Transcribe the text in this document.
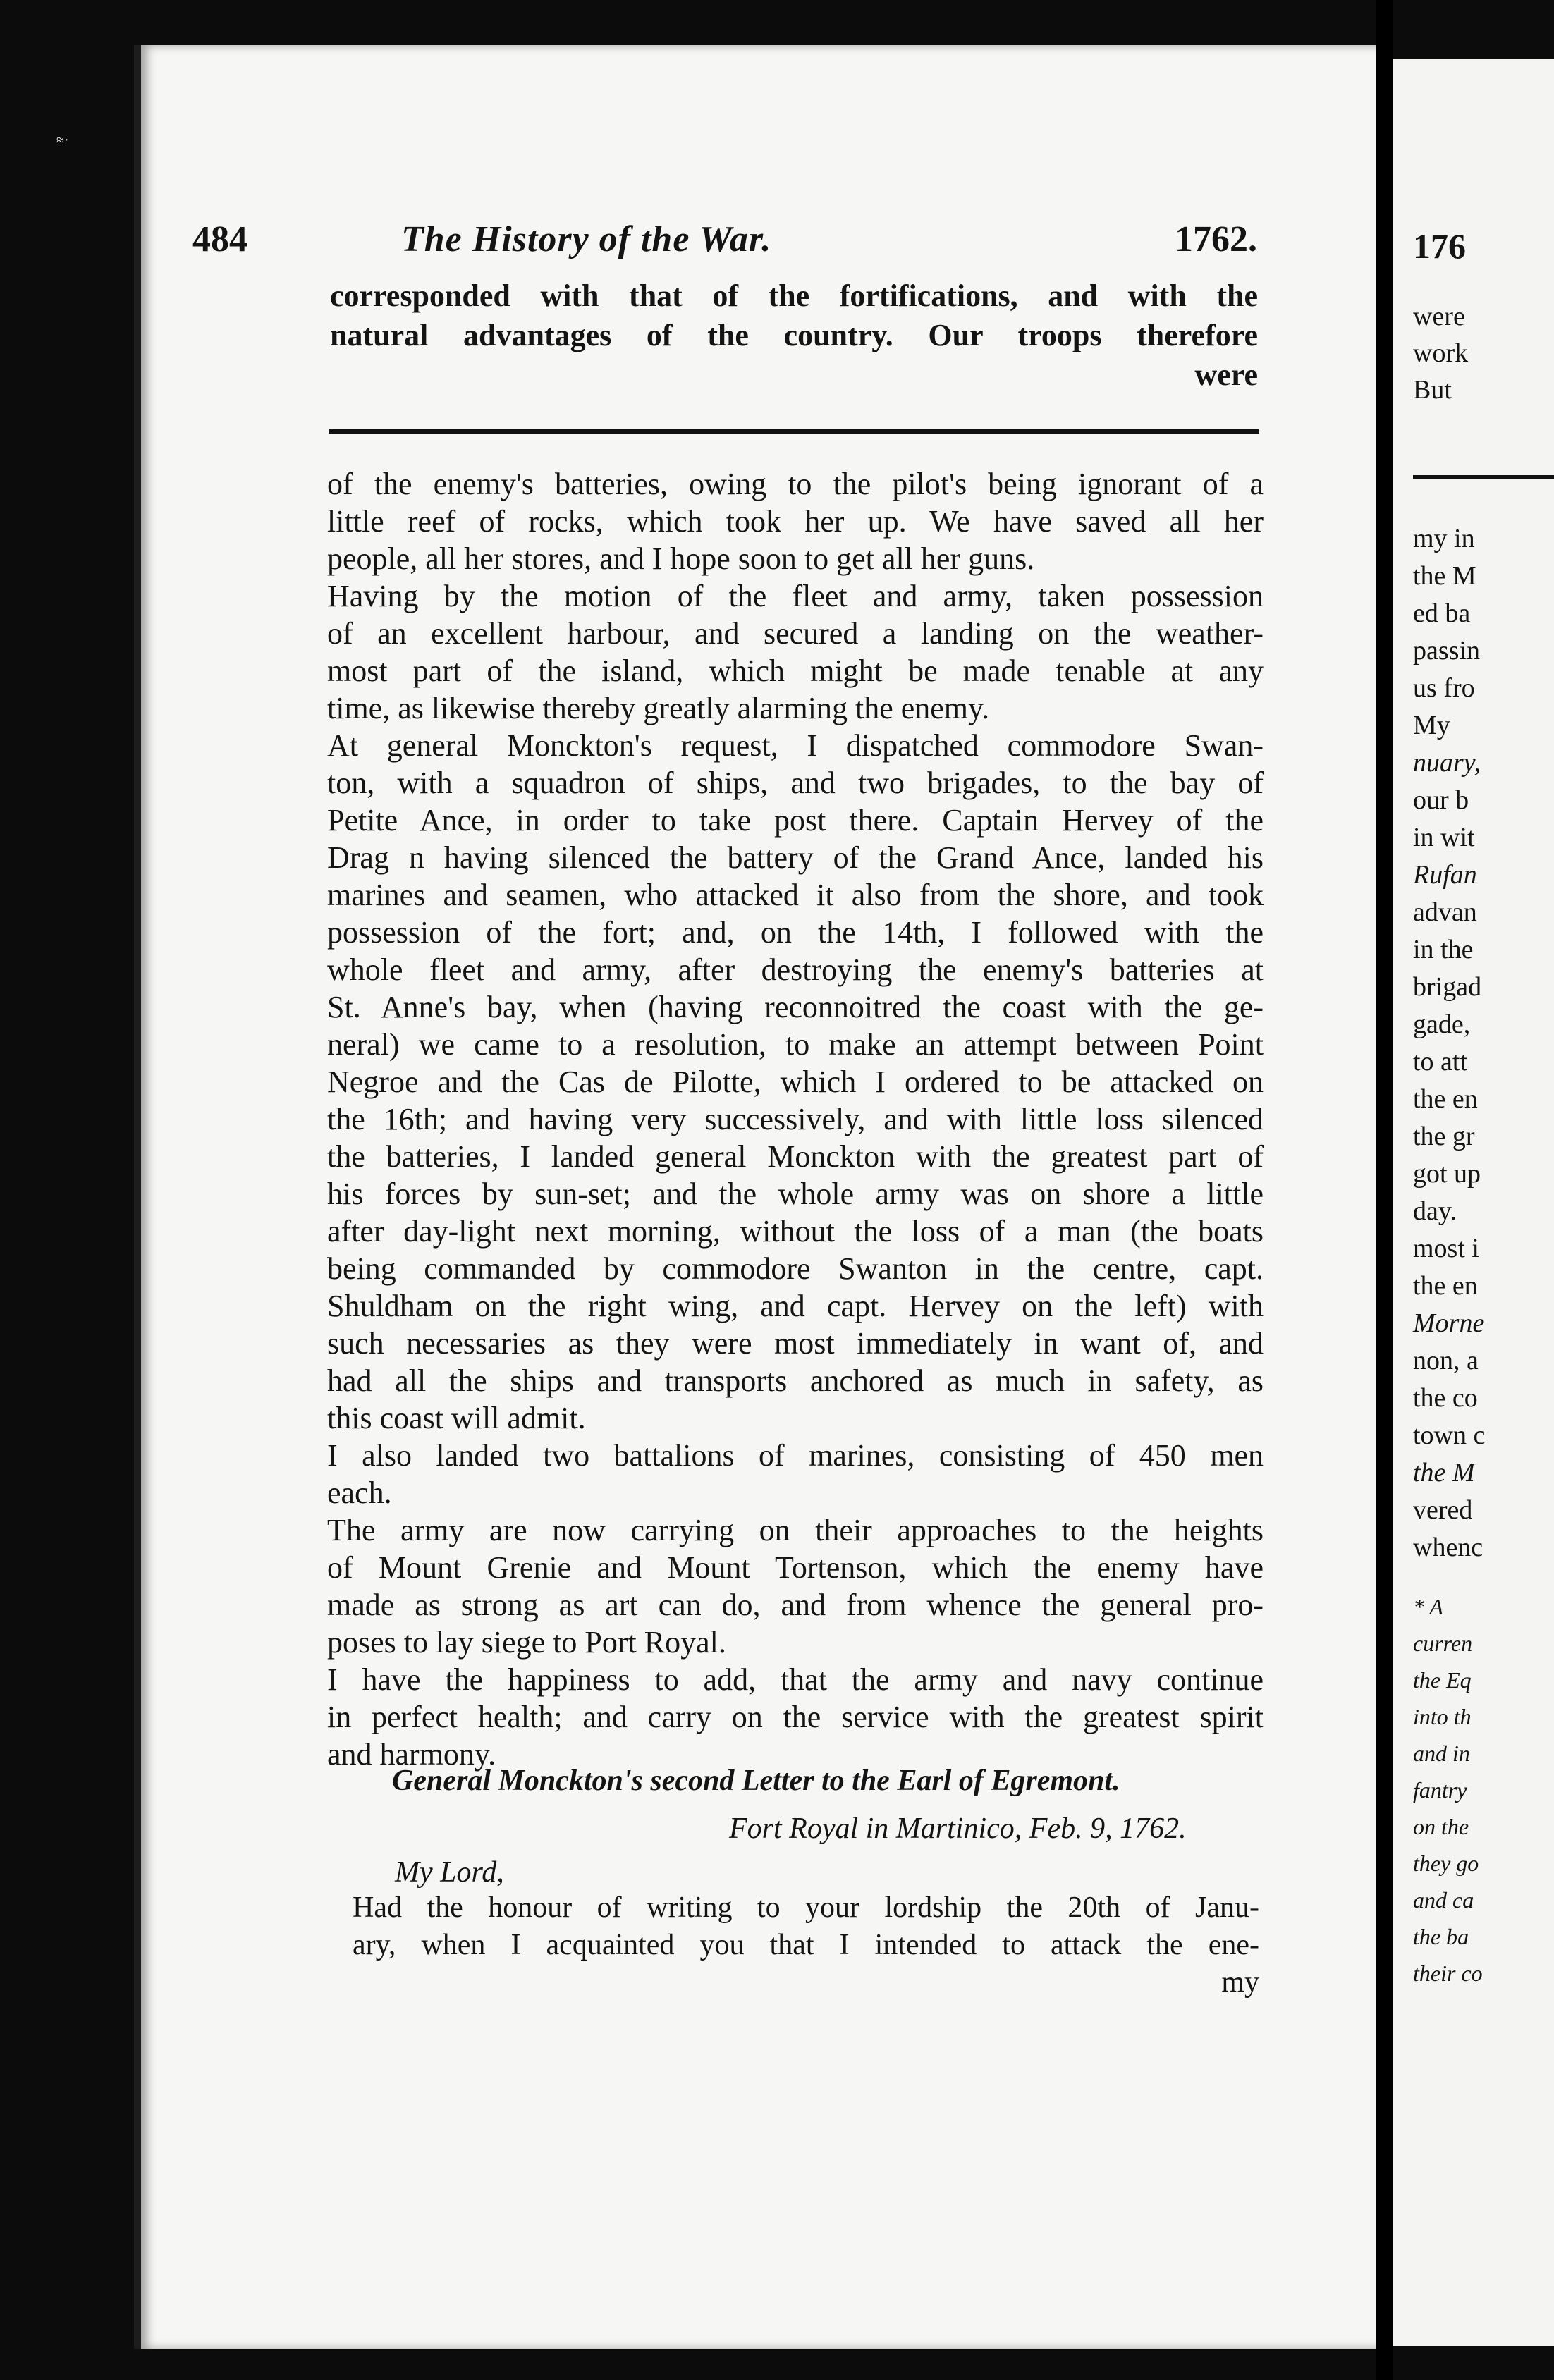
≈·
484	The History of the War.	1762.
corresponded with that of the fortifications, and with the
natural advantages of the country. Our troops therefore
were
of the enemy's batteries, owing to the pilot's being ignorant of a
little reef of rocks, which took her up. We have saved all her
people, all her stores, and I hope soon to get all her guns.
Having by the motion of the fleet and army, taken possession
of an excellent harbour, and secured a landing on the weather-
most part of the island, which might be made tenable at any
time, as likewise thereby greatly alarming the enemy.
At general Monckton's request, I dispatched commodore Swan-
ton, with a squadron of ships, and two brigades, to the bay of
Petite Ance, in order to take post there. Captain Hervey of the
Drag n having silenced the battery of the Grand Ance, landed his
marines and seamen, who attacked it also from the shore, and took
possession of the fort; and, on the 14th, I followed with the
whole fleet and army, after destroying the enemy's batteries at
St. Anne's bay, when (having reconnoitred the coast with the ge-
neral) we came to a resolution, to make an attempt between Point
Negroe and the Cas de Pilotte, which I ordered to be attacked on
the 16th; and having very successively, and with little loss silenced
the batteries, I landed general Monckton with the greatest part of
his forces by sun-set; and the whole army was on shore a little
after day-light next morning, without the loss of a man (the boats
being commanded by commodore Swanton in the centre, capt.
Shuldham on the right wing, and capt. Hervey on the left) with
such necessaries as they were most immediately in want of, and
had all the ships and transports anchored as much in safety, as
this coast will admit.
I also landed two battalions of marines, consisting of 450 men
each.
The army are now carrying on their approaches to the heights
of Mount Grenie and Mount Tortenson, which the enemy have
made as strong as art can do, and from whence the general pro-
poses to lay siege to Port Royal.
I have the happiness to add, that the army and navy continue
in perfect health; and carry on the service with the greatest spirit
and harmony.
General Monckton's second Letter to the Earl of Egremont.
Fort Royal in Martinico, Feb. 9, 1762.
My Lord,
Had the honour of writing to your lordship the 20th of Janu-
ary, when I acquainted you that I intended to attack the ene-
my
176
were
work
But
my in
the M
ed ba
passin
us fro
My
nuary,
our b
in wit
Rufan
advan
in the
brigad
gade,
to att
the en
the gr
got up
day.
most i
the en
Morne
non, a
the co
town c
the M
vered
whenc
* A
curren
the Eq
into th
and in
fantry
on the
they go
and ca
the ba
their co
